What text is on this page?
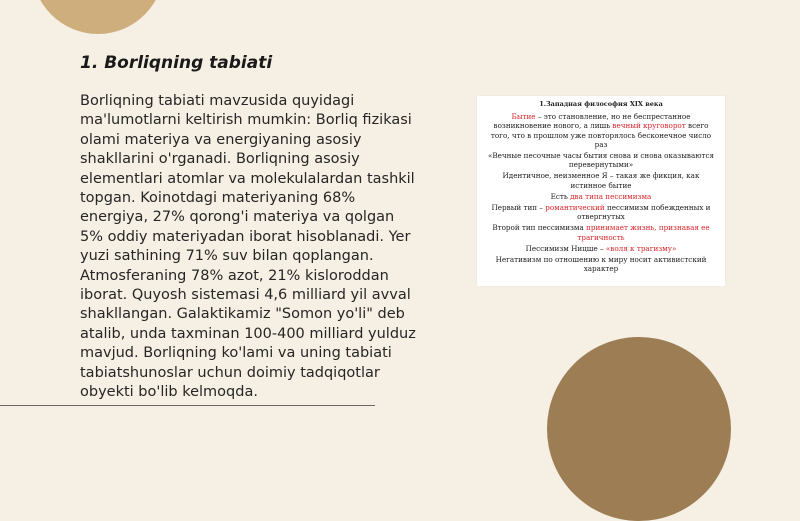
1. Borliqning tabiati
Borliqning tabiati mavzusida quyidagi ma'lumotlarni keltirish mumkin: Borliq fizikasi olami materiya va energiyaning asosiy shakllarini o'rganadi. Borliqning asosiy elementlari atomlar va molekulalardan tashkil topgan. Koinotdagi materiyaning 68% energiya, 27% qorong'i materiya va qolgan 5% oddiy materiyadan iborat hisoblanadi. Yer yuzi sathining 71% suv bilan qoplangan. Atmosferaning 78% azot, 21% kisloroddan iborat. Quyosh sistemasi 4,6 milliard yil avval shakllangan. Galaktikamiz "Somon yo'li" deb atalib, unda taxminan 100-400 milliard yulduz mavjud. Borliqning ko'lami va uning tabiati tabiatshunoslar uchun doimiy tadqiqotlar obyekti bo'lib kelmoqda.
1.Западная философия XIX века

Бытие – это становление, но не беспрестанное возникновение нового, а лишь вечный круговорот всего того, что в прошлом уже повторялось бесконечное число раз

«Вечные песочные часы бытия снова и снова оказываются перевернутыми»

Идентичное, неизменное Я – такая же фикция, как истинное бытие

Есть два типа пессимизма

Первый тип – романтический пессимизм побежденных и отвергнутых

Второй тип пессимизма принимает жизнь, признавая ее трагичность

Пессимизм Ницше – «воля к трагизму»

Негативизм по отношению к миру носит активистский характер
